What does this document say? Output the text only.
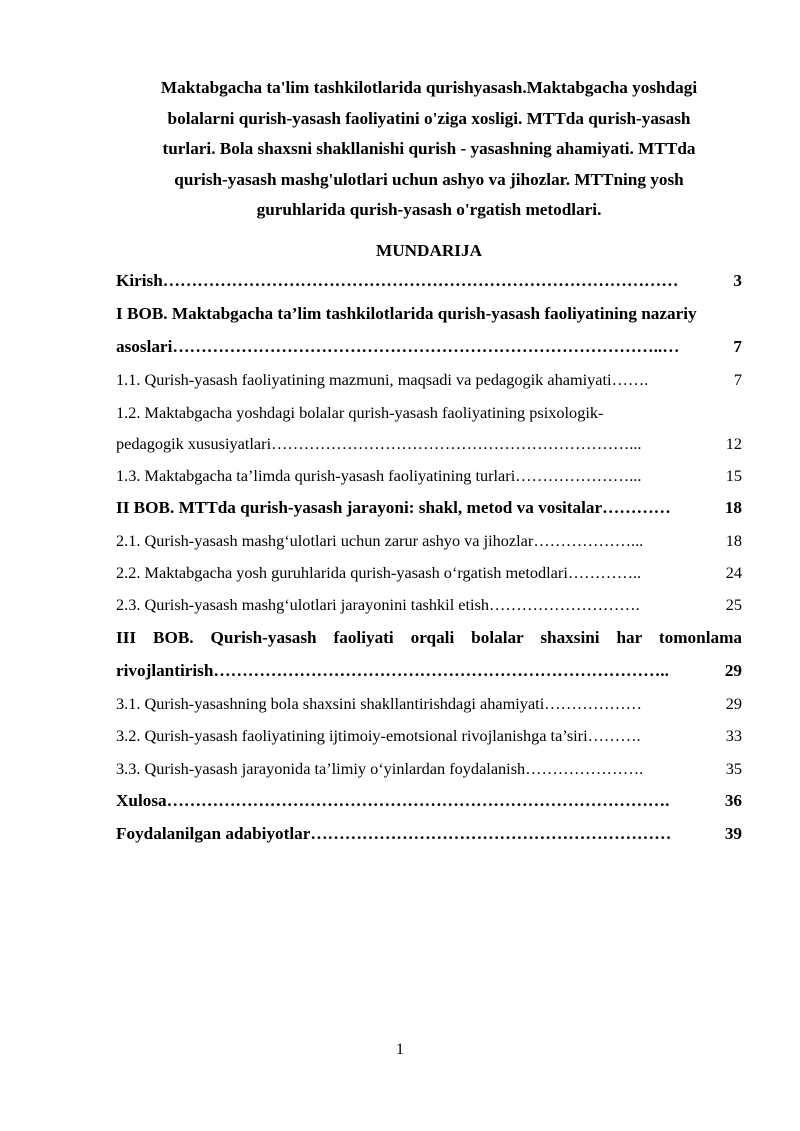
Maktabgacha ta'lim tashkilotlarida qurishyasash.Maktabgacha yoshdagi
bolalarni qurish-yasash faoliyatini o'ziga xosligi. MTTda qurish-yasash
turlari. Bola shaxsni shakllanishi qurish - yasashning ahamiyati. MTTda
qurish-yasash mashg'ulotlari uchun ashyo va jihozlar. MTTning yosh
guruhlarida qurish-yasash o'rgatish metodlari.
MUNDARIJA
Kirish ………………………………………………………………………………	3
I BOB. Maktabgacha ta’lim tashkilotlarida qurish-yasash faoliyatining nazariy
asoslari …………………………………………………………………………..…	7
1.1. Qurish-yasash faoliyatining mazmuni, maqsadi va pedagogik ahamiyati …….	7
1.2. Maktabgacha yoshdagi bolalar qurish-yasash faoliyatining psixologik-
pedagogik xususiyatlari …………………………………………………………...	12
1.3. Maktabgacha ta’limda qurish-yasash faoliyatining turlari …………………...	15
II BOB. MTTda qurish-yasash jarayoni: shakl, metod va vositalar …………	18
2.1. Qurish-yasash mashg‘ulotlari uchun zarur ashyo va jihozlar ………………...	18
2.2. Maktabgacha yosh guruhlarida qurish-yasash o‘rgatish metodlari …………..	24
2.3. Qurish-yasash mashg‘ulotlari jarayonini tashkil etish ……………………….	25
III BOB. Qurish-yasash faoliyati orqali bolalar shaxsini har tomonlama
rivojlantirish ……………………………………………………………………..	29
3.1. Qurish-yasashning bola shaxsini shakllantirishdagi ahamiyati ………………	29
3.2. Qurish-yasash faoliyatining ijtimoiy-emotsional rivojlanishga ta’siri ……….	33
3.3. Qurish-yasash jarayonida ta’limiy o‘yinlardan foydalanish ………………….	35
Xulosa …………………………………………………………………………….	36
Foydalanilgan adabiyotlar ………………………………………………………	39
1
